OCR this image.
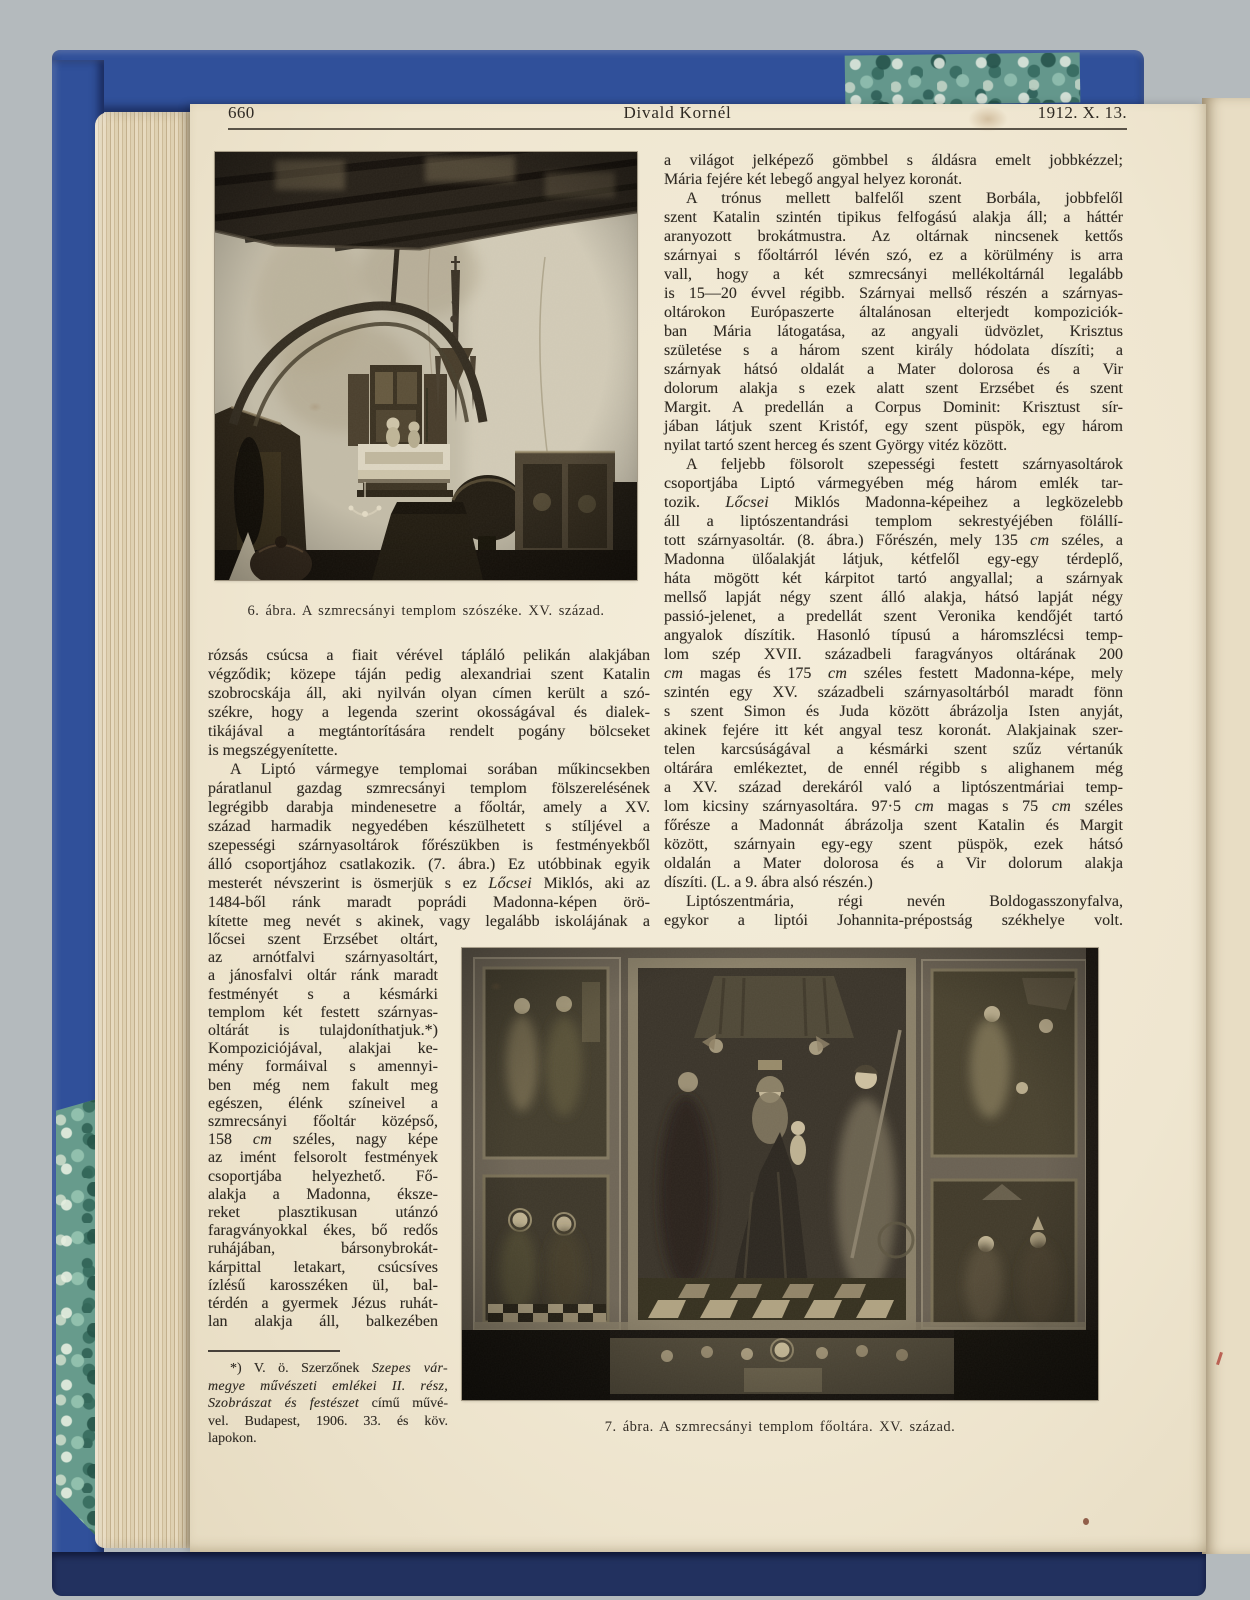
660	Divald Kornél	1912. X. 13.
6. ábra. A szmrecsányi templom szószéke. XV. század.
rózsás csúcsa a fiait vérével tápláló pelikán alakjában
végződik; közepe táján pedig alexandriai szent Katalin
szobrocskája áll, aki nyilván olyan címen került a szó-
székre, hogy a legenda szerint okosságával és dialek-
tikájával a megtántorítására rendelt pogány bölcseket
is megszégyenítette.
A Liptó vármegye templomai sorában műkincsekben
páratlanul gazdag szmrecsányi templom fölszerelésének
legrégibb darabja mindenesetre a főoltár, amely a XV.
század harmadik negyedében készülhetett s stíljével a
szepességi szárnyasoltárok főrészükben is festményekből
álló csoportjához csatlakozik. (7. ábra.) Ez utóbbinak egyik
mesterét névszerint is ösmerjük s ez Lőcsei Miklós, aki az
1484-ből ránk maradt poprádi Madonna-képen örö-
kítette meg nevét s akinek, vagy legalább iskolájának a
lőcsei szent Erzsébet oltárt,
az arnótfalvi szárnyasoltárt,
a jánosfalvi oltár ránk maradt
festményét s a késmárki
templom két festett szárnyas-
oltárát is tulajdoníthatjuk.*)
Kompoziciójával, alakjai ke-
mény formáival s amennyi-
ben még nem fakult meg
egészen, élénk színeivel a
szmrecsányi főoltár középső,
158 cm széles, nagy képe
az imént felsorolt festmények
csoportjába helyezhető. Fő-
alakja a Madonna, éksze-
reket plasztikusan utánzó
faragványokkal ékes, bő redős
ruhájában, bársonybrokát-
kárpittal letakart, csúcsíves
ízlésű karosszéken ül, bal-
térdén a gyermek Jézus ruhát-
lan alakja áll, balkezében
*) V. ö. Szerzőnek Szepes vár-
megye művészeti emlékei II. rész,
Szobrászat és festészet című művé-
vel. Budapest, 1906. 33. és köv.
lapokon.
a világot jelképező gömbbel s áldásra emelt jobbkézzel;
Mária fejére két lebegő angyal helyez koronát.
A trónus mellett balfelől szent Borbála, jobbfelől
szent Katalin szintén tipikus felfogású alakja áll; a háttér
aranyozott brokátmustra. Az oltárnak nincsenek kettős
szárnyai s főoltárról lévén szó, ez a körülmény is arra
vall, hogy a két szmrecsányi mellékoltárnál legalább
is 15—20 évvel régibb. Szárnyai mellső részén a szárnyas-
oltárokon Európaszerte általánosan elterjedt kompoziciók-
ban Mária látogatása, az angyali üdvözlet, Krisztus
születése s a három szent király hódolata díszíti; a
szárnyak hátsó oldalát a Mater dolorosa és a Vir
dolorum alakja s ezek alatt szent Erzsébet és szent
Margit. A predellán a Corpus Dominit: Krisztust sír-
jában látjuk szent Kristóf, egy szent püspök, egy három
nyilat tartó szent herceg és szent György vitéz között.
A feljebb fölsorolt szepességi festett szárnyasoltárok
csoportjába Liptó vármegyében még három emlék tar-
tozik. Lőcsei Miklós Madonna-képeihez a legközelebb
áll a liptószentandrási templom sekrestyéjében fölállí-
tott szárnyasoltár. (8. ábra.) Főrészén, mely 135 cm széles, a
Madonna ülőalakját látjuk, kétfelől egy-egy térdeplő,
háta mögött két kárpitot tartó angyallal; a szárnyak
mellső lapját négy szent álló alakja, hátsó lapját négy
passió-jelenet, a predellát szent Veronika kendőjét tartó
angyalok díszítik. Hasonló típusú a háromszlécsi temp-
lom szép XVII. századbeli faragványos oltárának 200
cm magas és 175 cm széles festett Madonna-képe, mely
szintén egy XV. századbeli szárnyasoltárból maradt fönn
s szent Simon és Juda között ábrázolja Isten anyját,
akinek fejére itt két angyal tesz koronát. Alakjainak szer-
telen karcsúságával a késmárki szent szűz vértanúk
oltárára emlékeztet, de ennél régibb s alighanem még
a XV. század derekáról való a liptószentmáriai temp-
lom kicsiny szárnyasoltára. 97·5 cm magas s 75 cm széles
főrésze a Madonnát ábrázolja szent Katalin és Margit
között, szárnyain egy-egy szent püspök, ezek hátsó
oldalán a Mater dolorosa és a Vir dolorum alakja
díszíti. (L. a 9. ábra alsó részén.)
Liptószentmária, régi nevén Boldogasszonyfalva,
egykor a liptói Johannita-prépostság székhelye volt.
7. ábra. A szmrecsányi templom főoltára. XV. század.
